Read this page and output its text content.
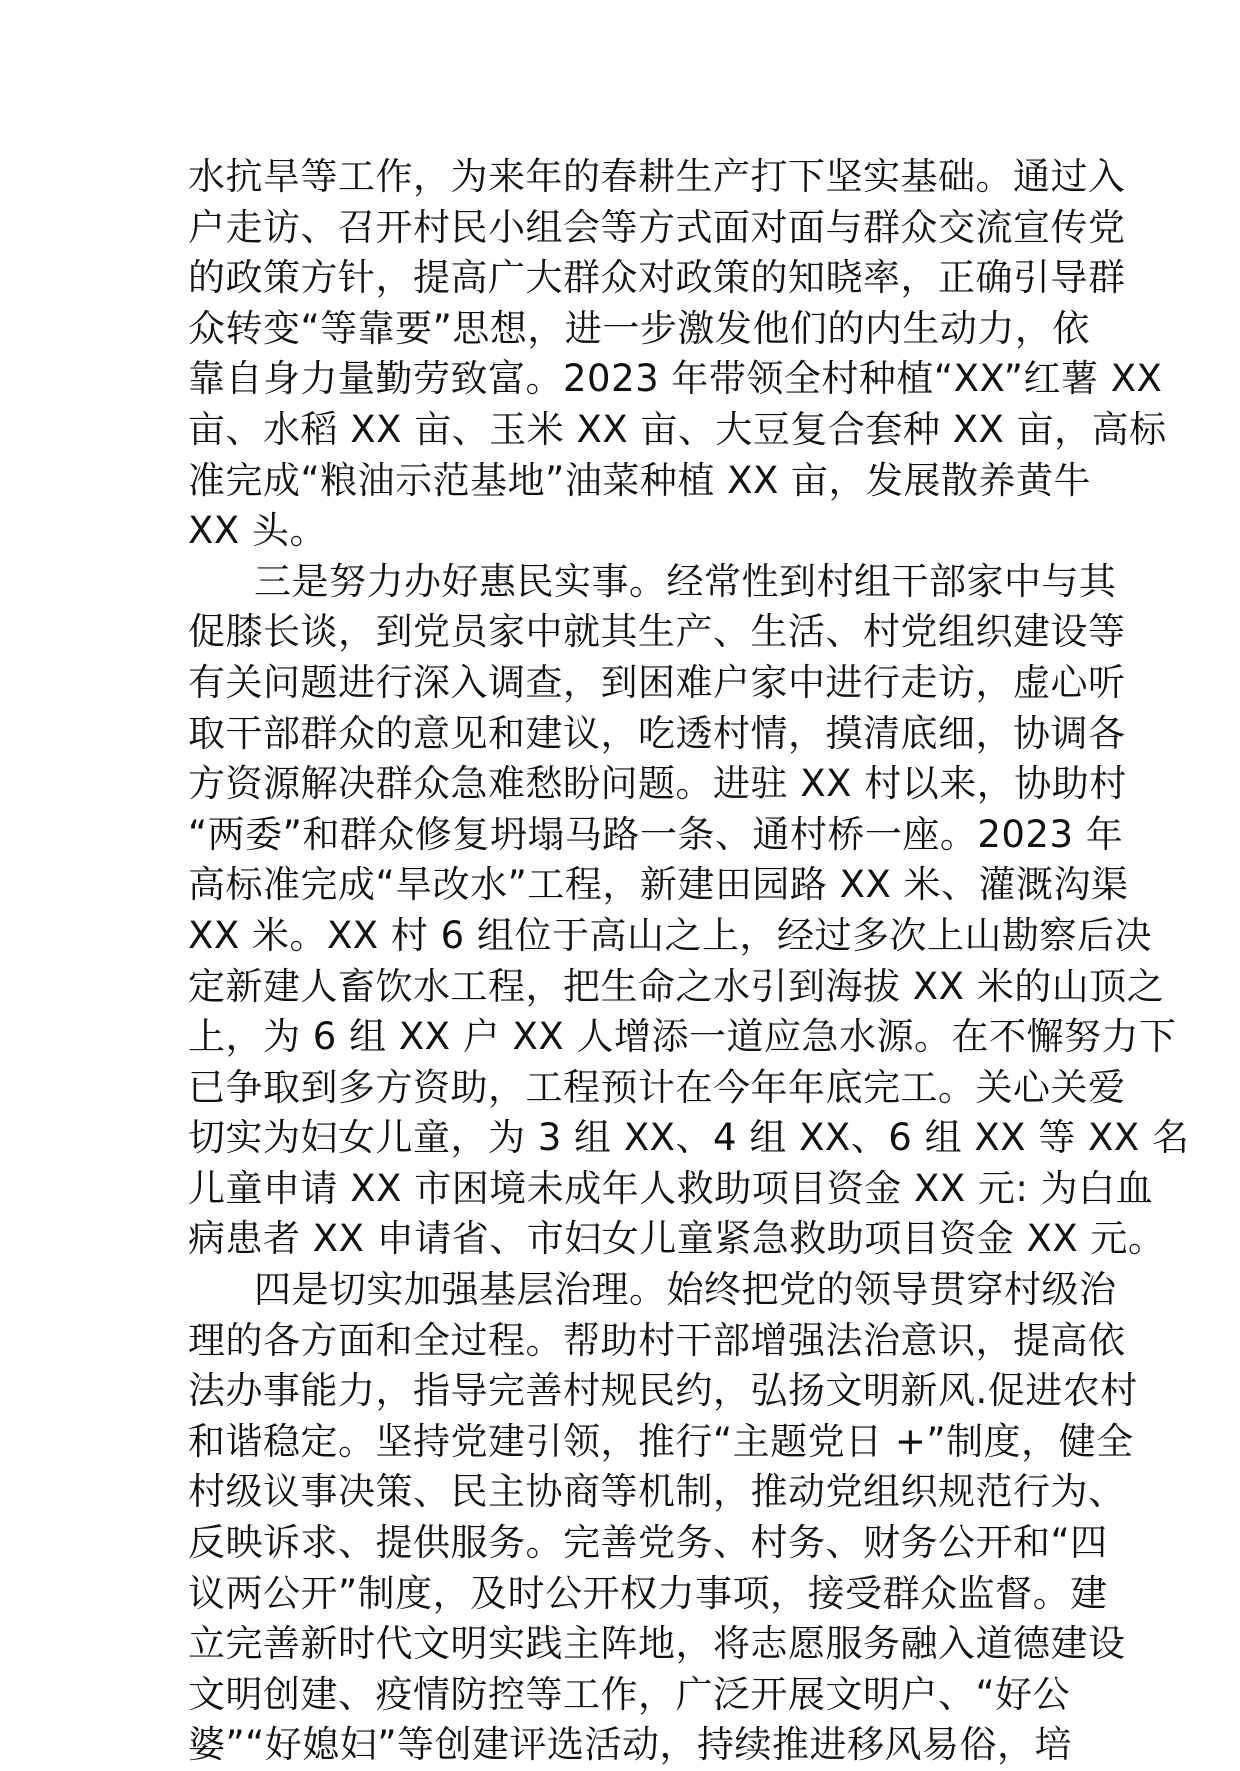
水抗旱等工作，为来年的春耕生产打下坚实基础。通过入
户走访、召开村民小组会等方式面对面与群众交流宣传党
的政策方针，提高广大群众对政策的知晓率，正确引导群
众转变“等靠要”思想，进一步激发他们的内生动力，依
靠自身力量勤劳致富。2023 年带领全村种植“XX”红薯 XX
亩、水稻 XX 亩、玉米 XX 亩、大豆复合套种 XX 亩，高标
准完成“粮油示范基地”油菜种植 XX 亩，发展散养黄牛
XX 头。
三是努力办好惠民实事。经常性到村组干部家中与其
促膝长谈，到党员家中就其生产、生活、村党组织建设等
有关问题进行深入调查，到困难户家中进行走访，虚心听
取干部群众的意见和建议，吃透村情，摸清底细，协调各
方资源解决群众急难愁盼问题。进驻 XX 村以来，协助村
“两委”和群众修复坍塌马路一条、通村桥一座。2023 年
高标准完成“旱改水”工程，新建田园路 XX 米、灌溉沟渠
XX 米。XX 村 6 组位于高山之上，经过多次上山勘察后决
定新建人畜饮水工程，把生命之水引到海拔 XX 米的山顶之
上，为 6 组 XX 户 XX 人增添一道应急水源。在不懈努力下
已争取到多方资助，工程预计在今年年底完工。关心关爱
切实为妇女儿童，为 3 组 XX、4 组 XX、6 组 XX 等 XX 名
儿童申请 XX 市困境未成年人救助项目资金 XX 元: 为白血
病患者 XX 申请省、市妇女儿童紧急救助项目资金 XX 元。
四是切实加强基层治理。始终把党的领导贯穿村级治
理的各方面和全过程。帮助村干部增强法治意识，提高依
法办事能力，指导完善村规民约，弘扬文明新风.促进农村
和谐稳定。坚持党建引领，推行“主题党日 +”制度，健全
村级议事决策、民主协商等机制，推动党组织规范行为、
反映诉求、提供服务。完善党务、村务、财务公开和“四
议两公开”制度，及时公开权力事项，接受群众监督。建
立完善新时代文明实践主阵地，将志愿服务融入道德建设
文明创建、疫情防控等工作，广泛开展文明户、“好公
婆”“好媳妇”等创建评选活动，持续推进移风易俗，培
